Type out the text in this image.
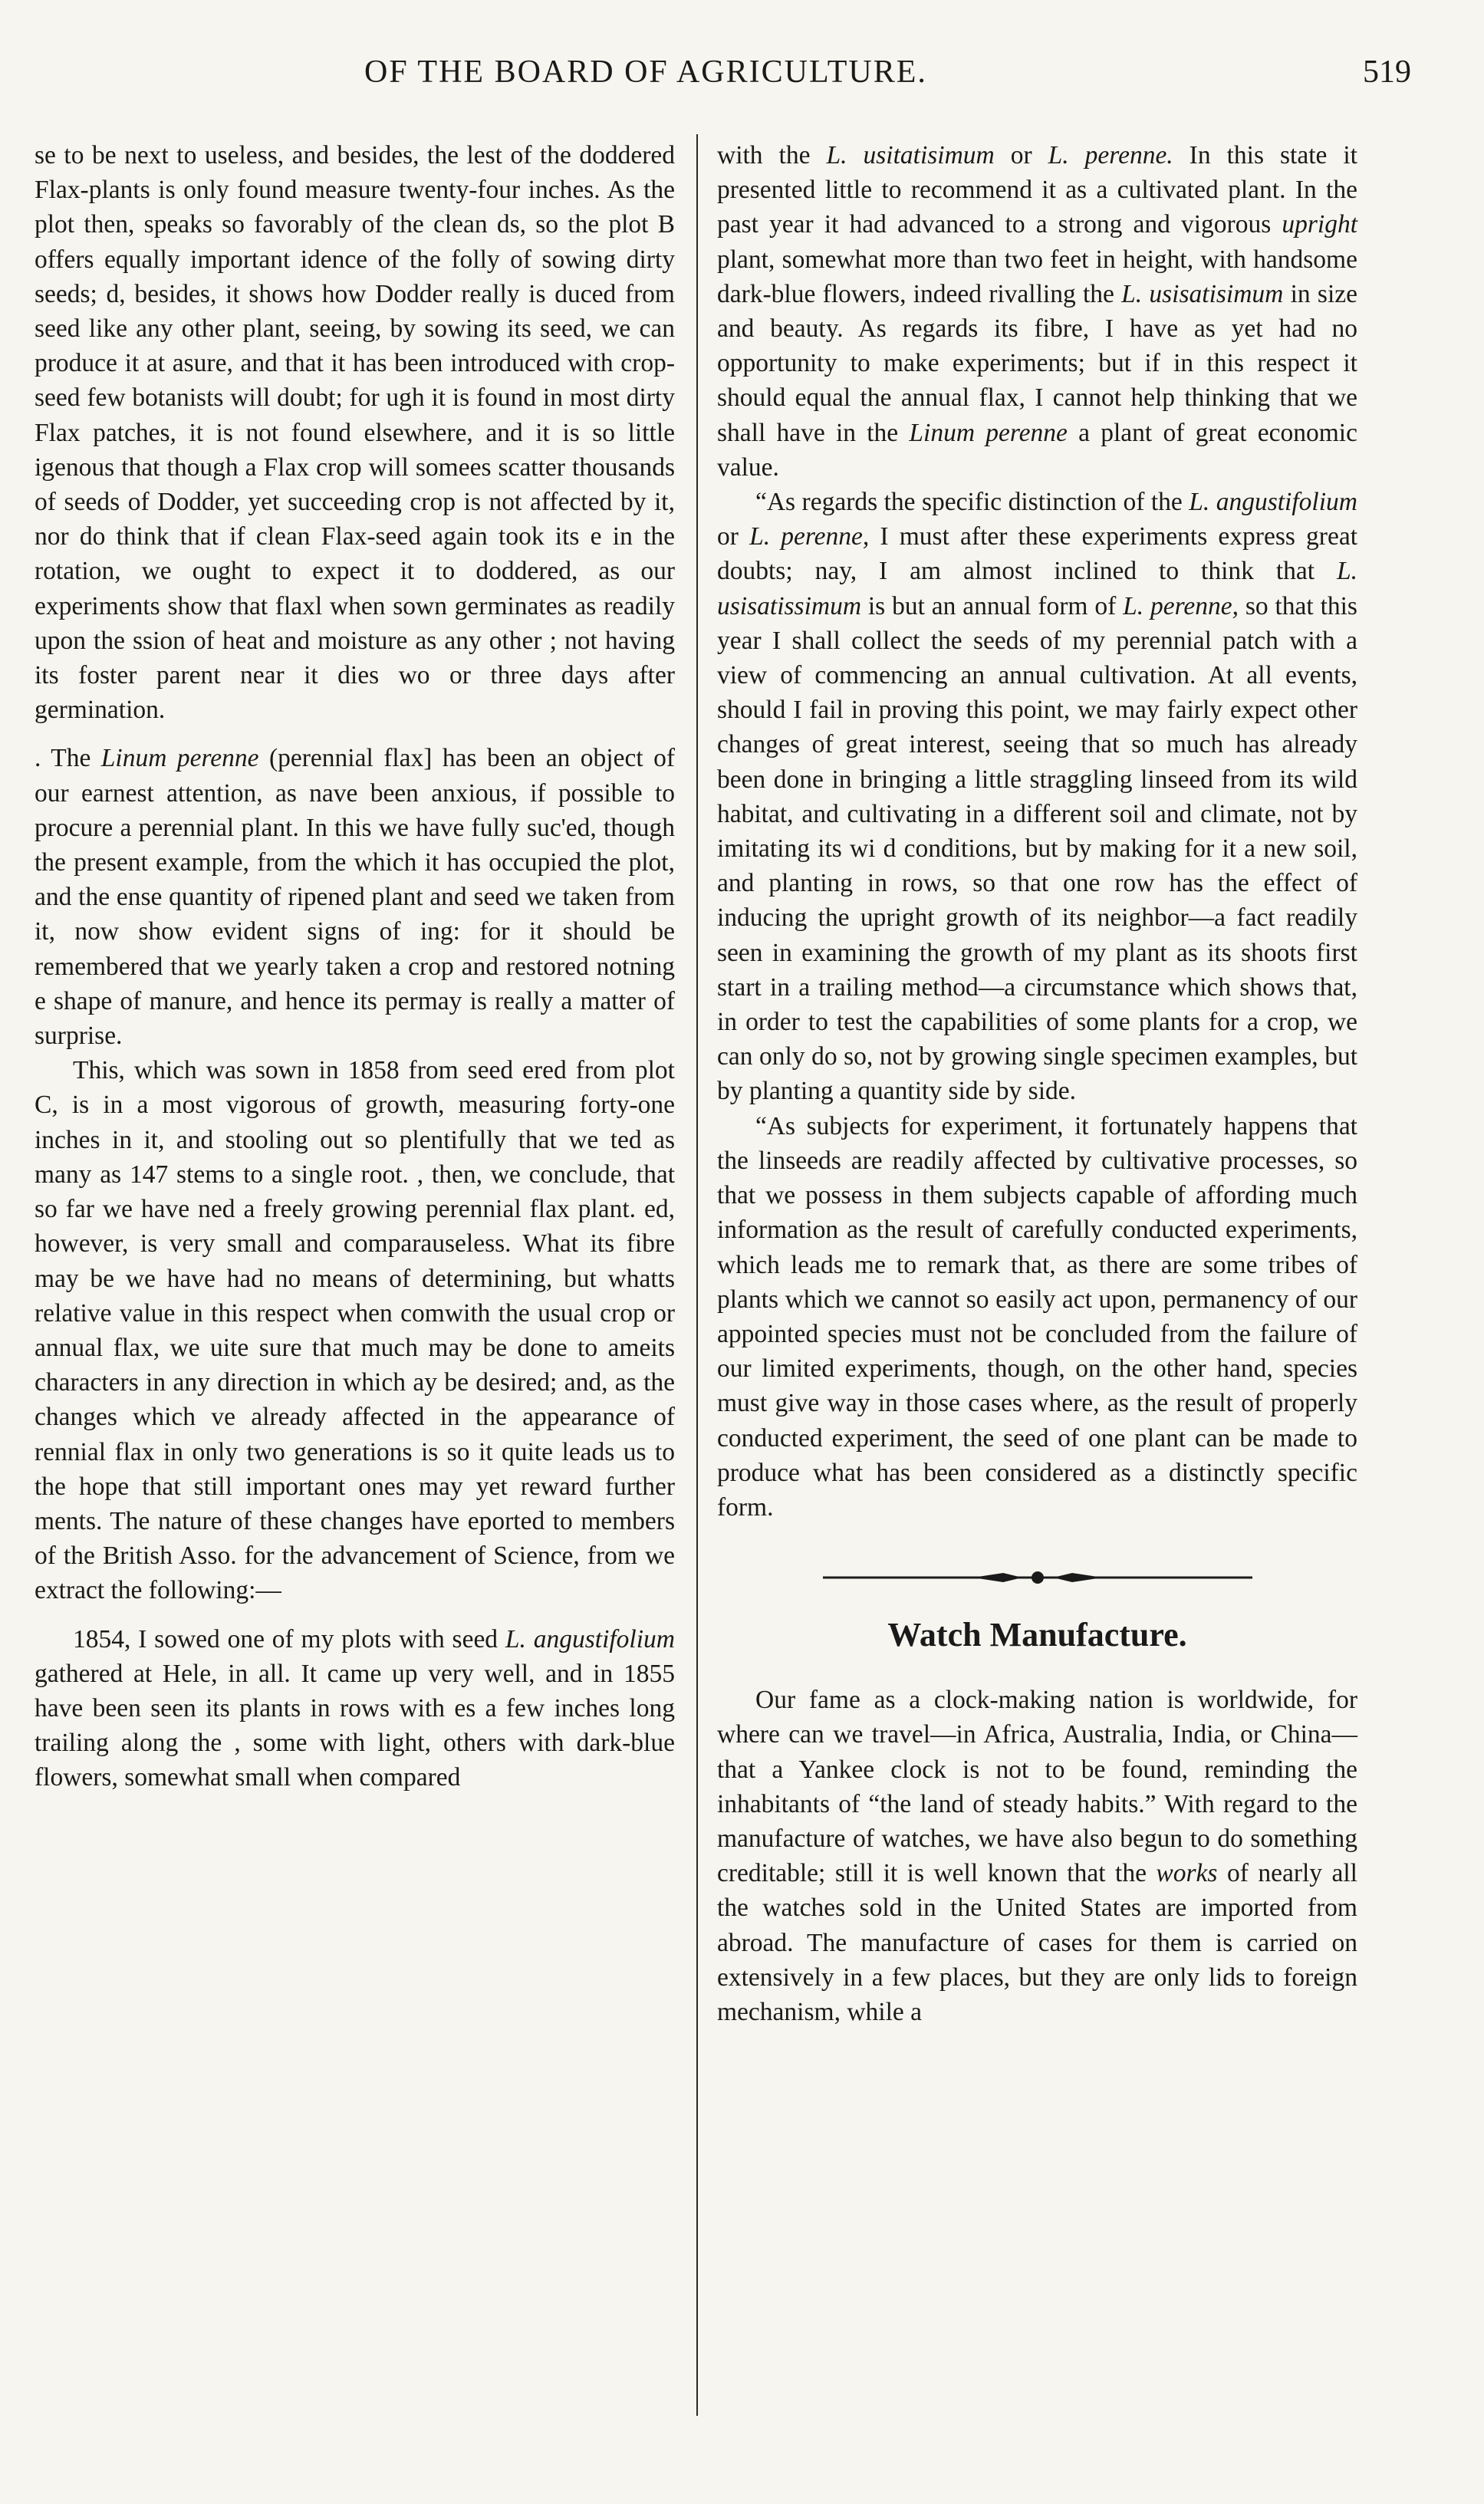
OF THE BOARD OF AGRICULTURE.	519

se to be next to useless, and besides, the lest of the doddered Flax-plants is only found measure twenty-four inches. As the plot then, speaks so favorably of the clean ds, so the plot B offers equally important idence of the folly of sowing dirty seeds; d, besides, it shows how Dodder really is duced from seed like any other plant, seeing, by sowing its seed, we can produce it at asure, and that it has been introduced with crop-seed few botanists will doubt; for ugh it is found in most dirty Flax patches, it is not found elsewhere, and it is so little igenous that though a Flax crop will somees scatter thousands of seeds of Dodder, yet succeeding crop is not affected by it, nor do think that if clean Flax-seed again took its e in the rotation, we ought to expect it to doddered, as our experiments show that flaxl when sown germinates as readily upon the ssion of heat and moisture as any other ; not having its foster parent near it dies wo or three days after germination.

. The Linum perenne (perennial flax] has been an object of our earnest attention, as nave been anxious, if possible to procure a perennial plant. In this we have fully suc'ed, though the present example, from the which it has occupied the plot, and the ense quantity of ripened plant and seed we taken from it, now show evident signs of ing: for it should be remembered that we yearly taken a crop and restored notning e shape of manure, and hence its permay is really a matter of surprise.

This, which was sown in 1858 from seed ered from plot C, is in a most vigorous of growth, measuring forty-one inches in it, and stooling out so plentifully that we ted as many as 147 stems to a single root. , then, we conclude, that so far we have ned a freely growing perennial flax plant. ed, however, is very small and comparauseless. What its fibre may be we have had no means of determining, but whatts relative value in this respect when comwith the usual crop or annual flax, we uite sure that much may be done to ameits characters in any direction in which ay be desired; and, as the changes which ve already affected in the appearance of rennial flax in only two generations is so it quite leads us to the hope that still important ones may yet reward further ments. The nature of these changes have eported to members of the British Asso. for the advancement of Science, from we extract the following:—

1854, I sowed one of my plots with seed L. angustifolium gathered at Hele, in all. It came up very well, and in 1855 have been seen its plants in rows with es a few inches long trailing along the , some with light, others with dark-blue flowers, somewhat small when compared

with the L. usitatisimum or L. perenne. In this state it presented little to recommend it as a cultivated plant. In the past year it had advanced to a strong and vigorous upright plant, somewhat more than two feet in height, with handsome dark-blue flowers, indeed rivalling the L. usisatisimum in size and beauty. As regards its fibre, I have as yet had no opportunity to make experiments; but if in this respect it should equal the annual flax, I cannot help thinking that we shall have in the Linum perenne a plant of great economic value.

“As regards the specific distinction of the L. angustifolium or L. perenne, I must after these experiments express great doubts; nay, I am almost inclined to think that L. usisatissimum is but an annual form of L. perenne, so that this year I shall collect the seeds of my perennial patch with a view of commencing an annual cultivation. At all events, should I fail in proving this point, we may fairly expect other changes of great interest, seeing that so much has already been done in bringing a little straggling linseed from its wild habitat, and cultivating in a different soil and climate, not by imitating its wi d conditions, but by making for it a new soil, and planting in rows, so that one row has the effect of inducing the upright growth of its neighbor—a fact readily seen in examining the growth of my plant as its shoots first start in a trailing method—a circumstance which shows that, in order to test the capabilities of some plants for a crop, we can only do so, not by growing single specimen examples, but by planting a quantity side by side.

“As subjects for experiment, it fortunately happens that the linseeds are readily affected by cultivative processes, so that we possess in them subjects capable of affording much information as the result of carefully conducted experiments, which leads me to remark that, as there are some tribes of plants which we cannot so easily act upon, permanency of our appointed species must not be concluded from the failure of our limited experiments, though, on the other hand, species must give way in those cases where, as the result of properly conducted experiment, the seed of one plant can be made to produce what has been considered as a distinctly specific form.

Watch Manufacture.

Our fame as a clock-making nation is worldwide, for where can we travel—in Africa, Australia, India, or China—that a Yankee clock is not to be found, reminding the inhabitants of “the land of steady habits.” With regard to the manufacture of watches, we have also begun to do something creditable; still it is well known that the works of nearly all the watches sold in the United States are imported from abroad. The manufacture of cases for them is carried on extensively in a few places, but they are only lids to foreign mechanism, while a
